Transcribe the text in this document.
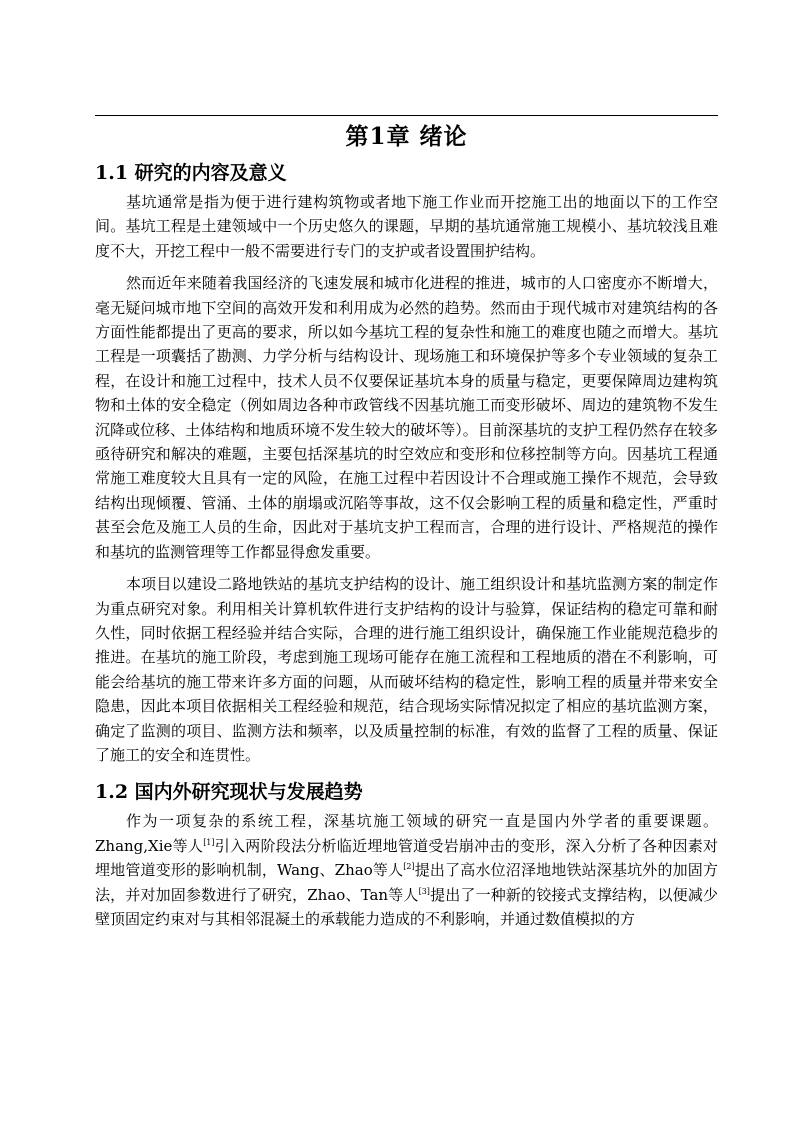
第1章 绪论
1.1 研究的内容及意义

基坑通常是指为便于进行建构筑物或者地下施工作业而开挖施工出的地面以下的工作空间。基坑工程是土建领域中一个历史悠久的课题，早期的基坑通常施工规模小、基坑较浅且难度不大，开挖工程中一般不需要进行专门的支护或者设置围护结构。

然而近年来随着我国经济的飞速发展和城市化进程的推进，城市的人口密度亦不断增大，毫无疑问城市地下空间的高效开发和利用成为必然的趋势。然而由于现代城市对建筑结构的各方面性能都提出了更高的要求，所以如今基坑工程的复杂性和施工的难度也随之而增大。基坑工程是一项囊括了勘测、力学分析与结构设计、现场施工和环境保护等多个专业领域的复杂工程，在设计和施工过程中，技术人员不仅要保证基坑本身的质量与稳定，更要保障周边建构筑物和土体的安全稳定（例如周边各种市政管线不因基坑施工而变形破坏、周边的建筑物不发生沉降或位移、土体结构和地质环境不发生较大的破坏等）。目前深基坑的支护工程仍然存在较多亟待研究和解决的难题，主要包括深基坑的时空效应和变形和位移控制等方向。因基坑工程通常施工难度较大且具有一定的风险，在施工过程中若因设计不合理或施工操作不规范，会导致结构出现倾覆、管涌、土体的崩塌或沉陷等事故，这不仅会影响工程的质量和稳定性，严重时甚至会危及施工人员的生命，因此对于基坑支护工程而言，合理的进行设计、严格规范的操作和基坑的监测管理等工作都显得愈发重要。

本项目以建设二路地铁站的基坑支护结构的设计、施工组织设计和基坑监测方案的制定作为重点研究对象。利用相关计算机软件进行支护结构的设计与验算，保证结构的稳定可靠和耐久性，同时依据工程经验并结合实际，合理的进行施工组织设计，确保施工作业能规范稳步的推进。在基坑的施工阶段，考虑到施工现场可能存在施工流程和工程地质的潜在不利影响，可能会给基坑的施工带来许多方面的问题，从而破坏结构的稳定性，影响工程的质量并带来安全隐患，因此本项目依据相关工程经验和规范，结合现场实际情况拟定了相应的基坑监测方案，确定了监测的项目、监测方法和频率，以及质量控制的标准，有效的监督了工程的质量、保证了施工的安全和连贯性。

1.2 国内外研究现状与发展趋势

作为一项复杂的系统工程，深基坑施工领域的研究一直是国内外学者的重要课题。Zhang,Xie等人[1]引入两阶段法分析临近埋地管道受岩崩冲击的变形，深入分析了各种因素对埋地管道变形的影响机制，Wang、Zhao等人[2]提出了高水位沼泽地地铁站深基坑外的加固方法，并对加固参数进行了研究，Zhao、Tan等人[3]提出了一种新的铰接式支撑结构，以便减少壁顶固定约束对与其相邻混凝土的承载能力造成的不利影响，并通过数值模拟的方
